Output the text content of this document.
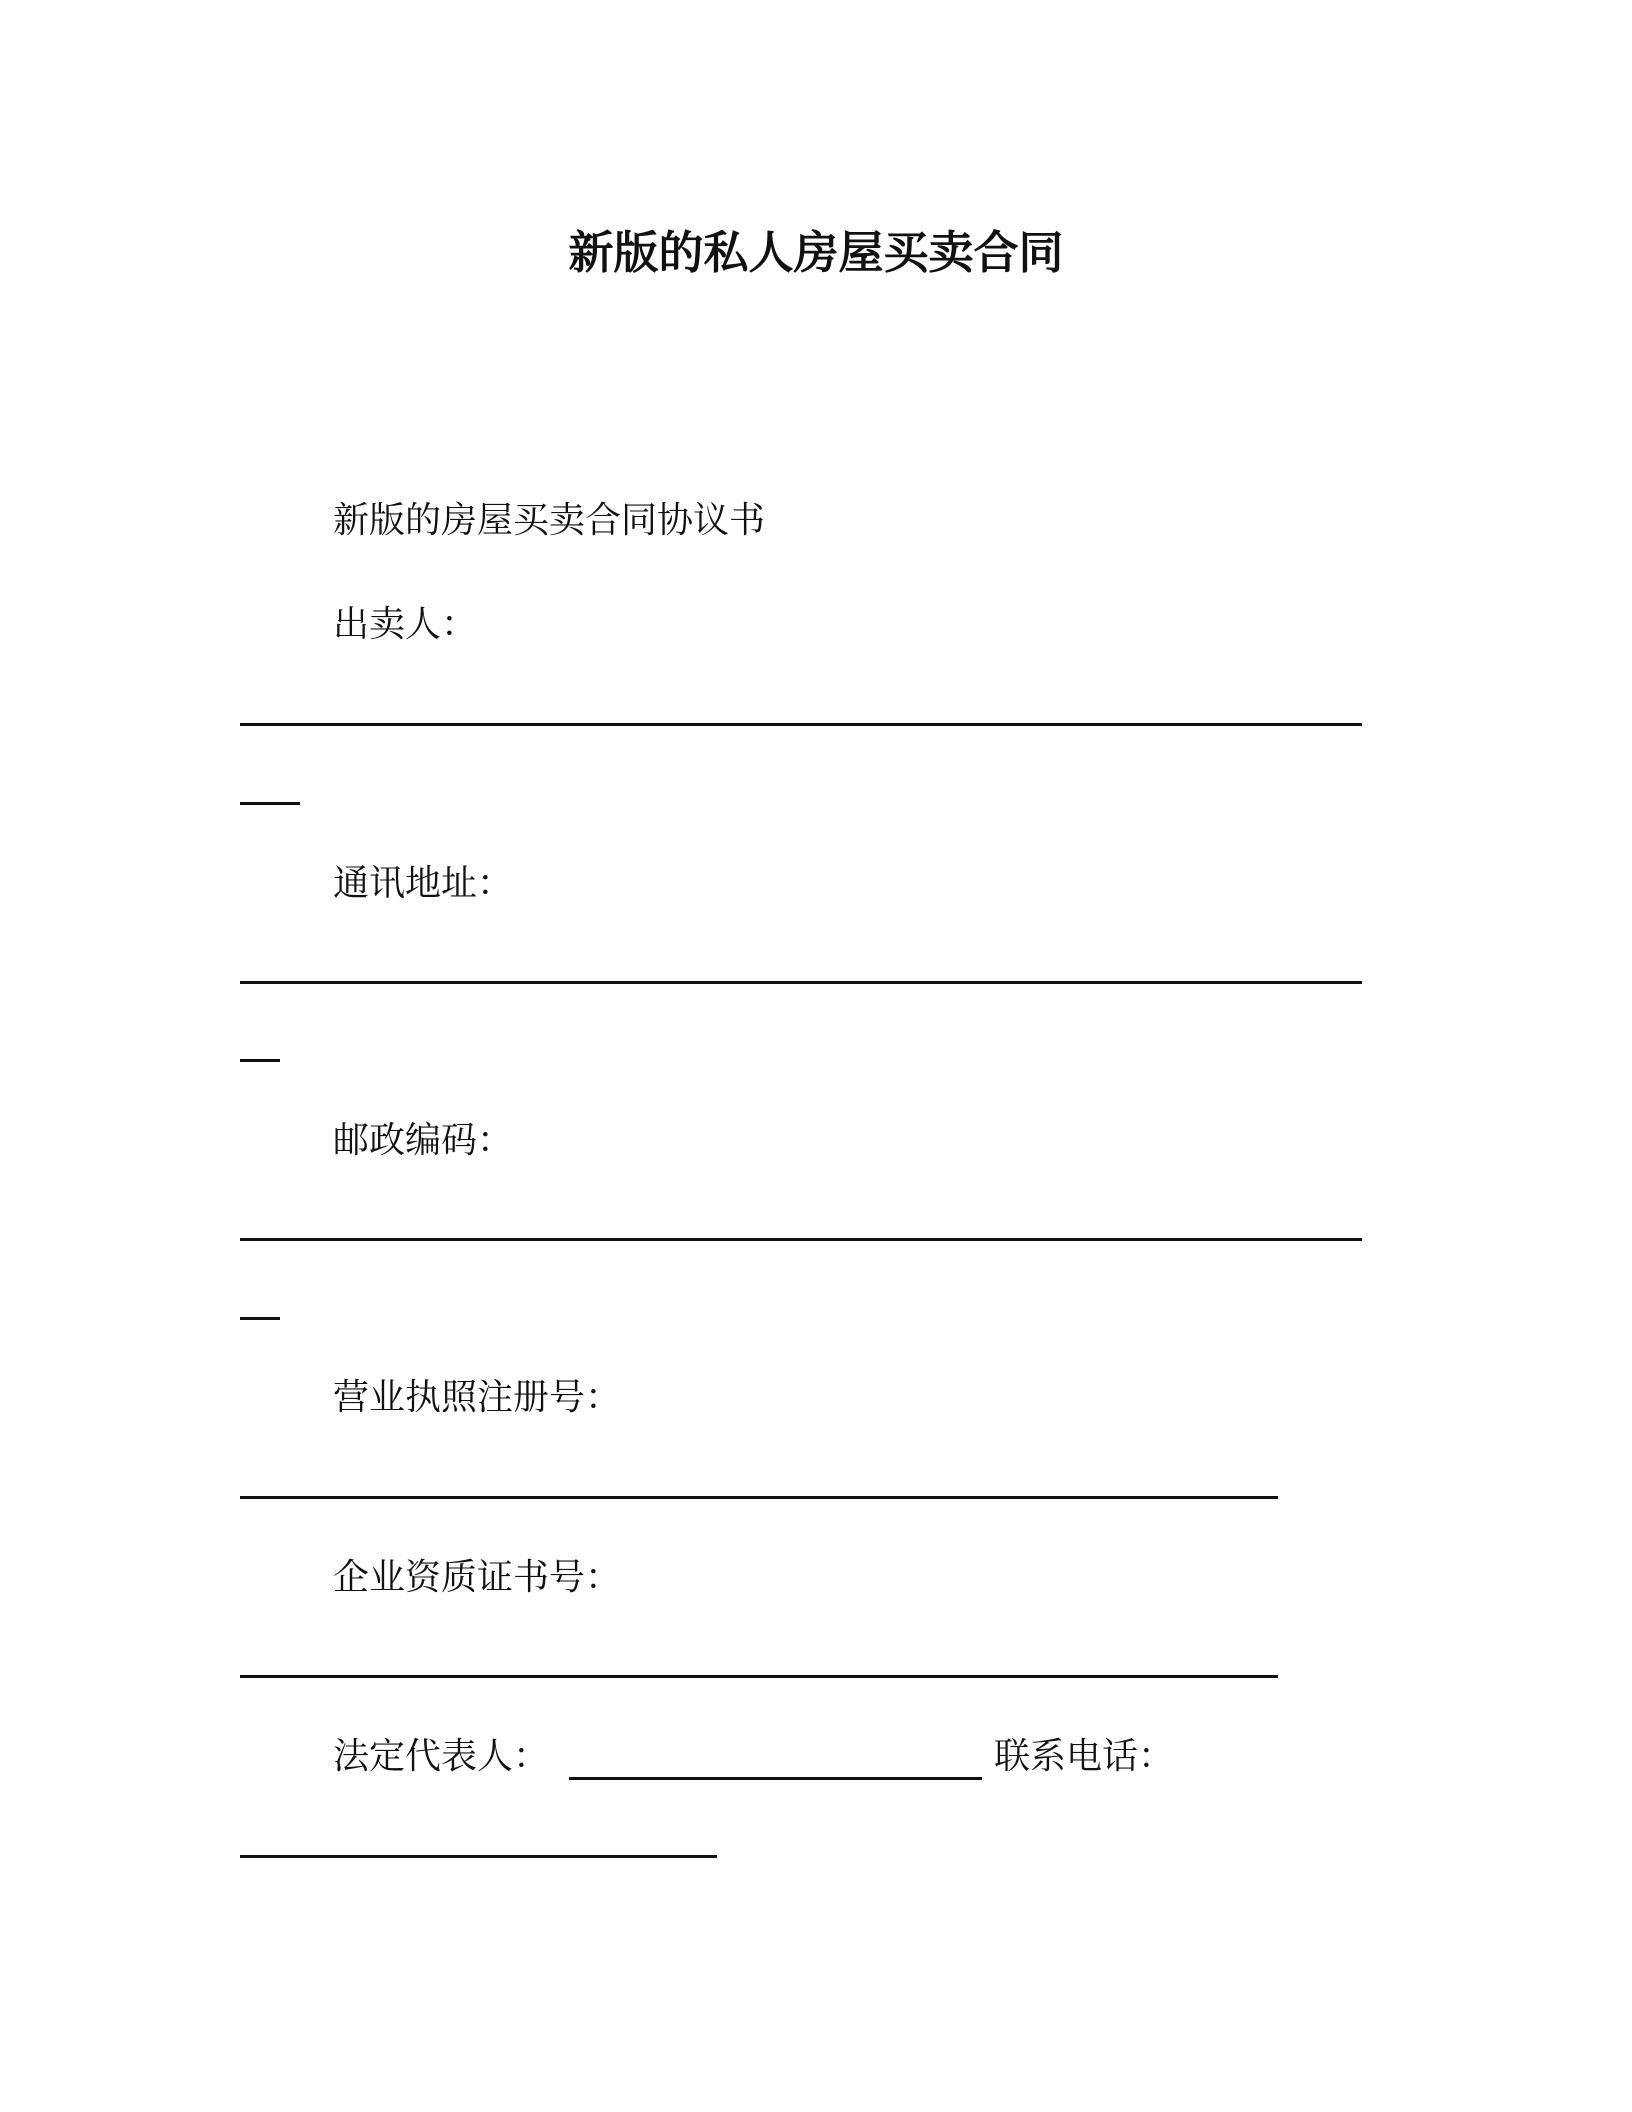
新版的私人房屋买卖合同
新版的房屋买卖合同协议书
出卖人：
通讯地址：
邮政编码：
营业执照注册号：
企业资质证书号：
法定代表人：	联系电话：
